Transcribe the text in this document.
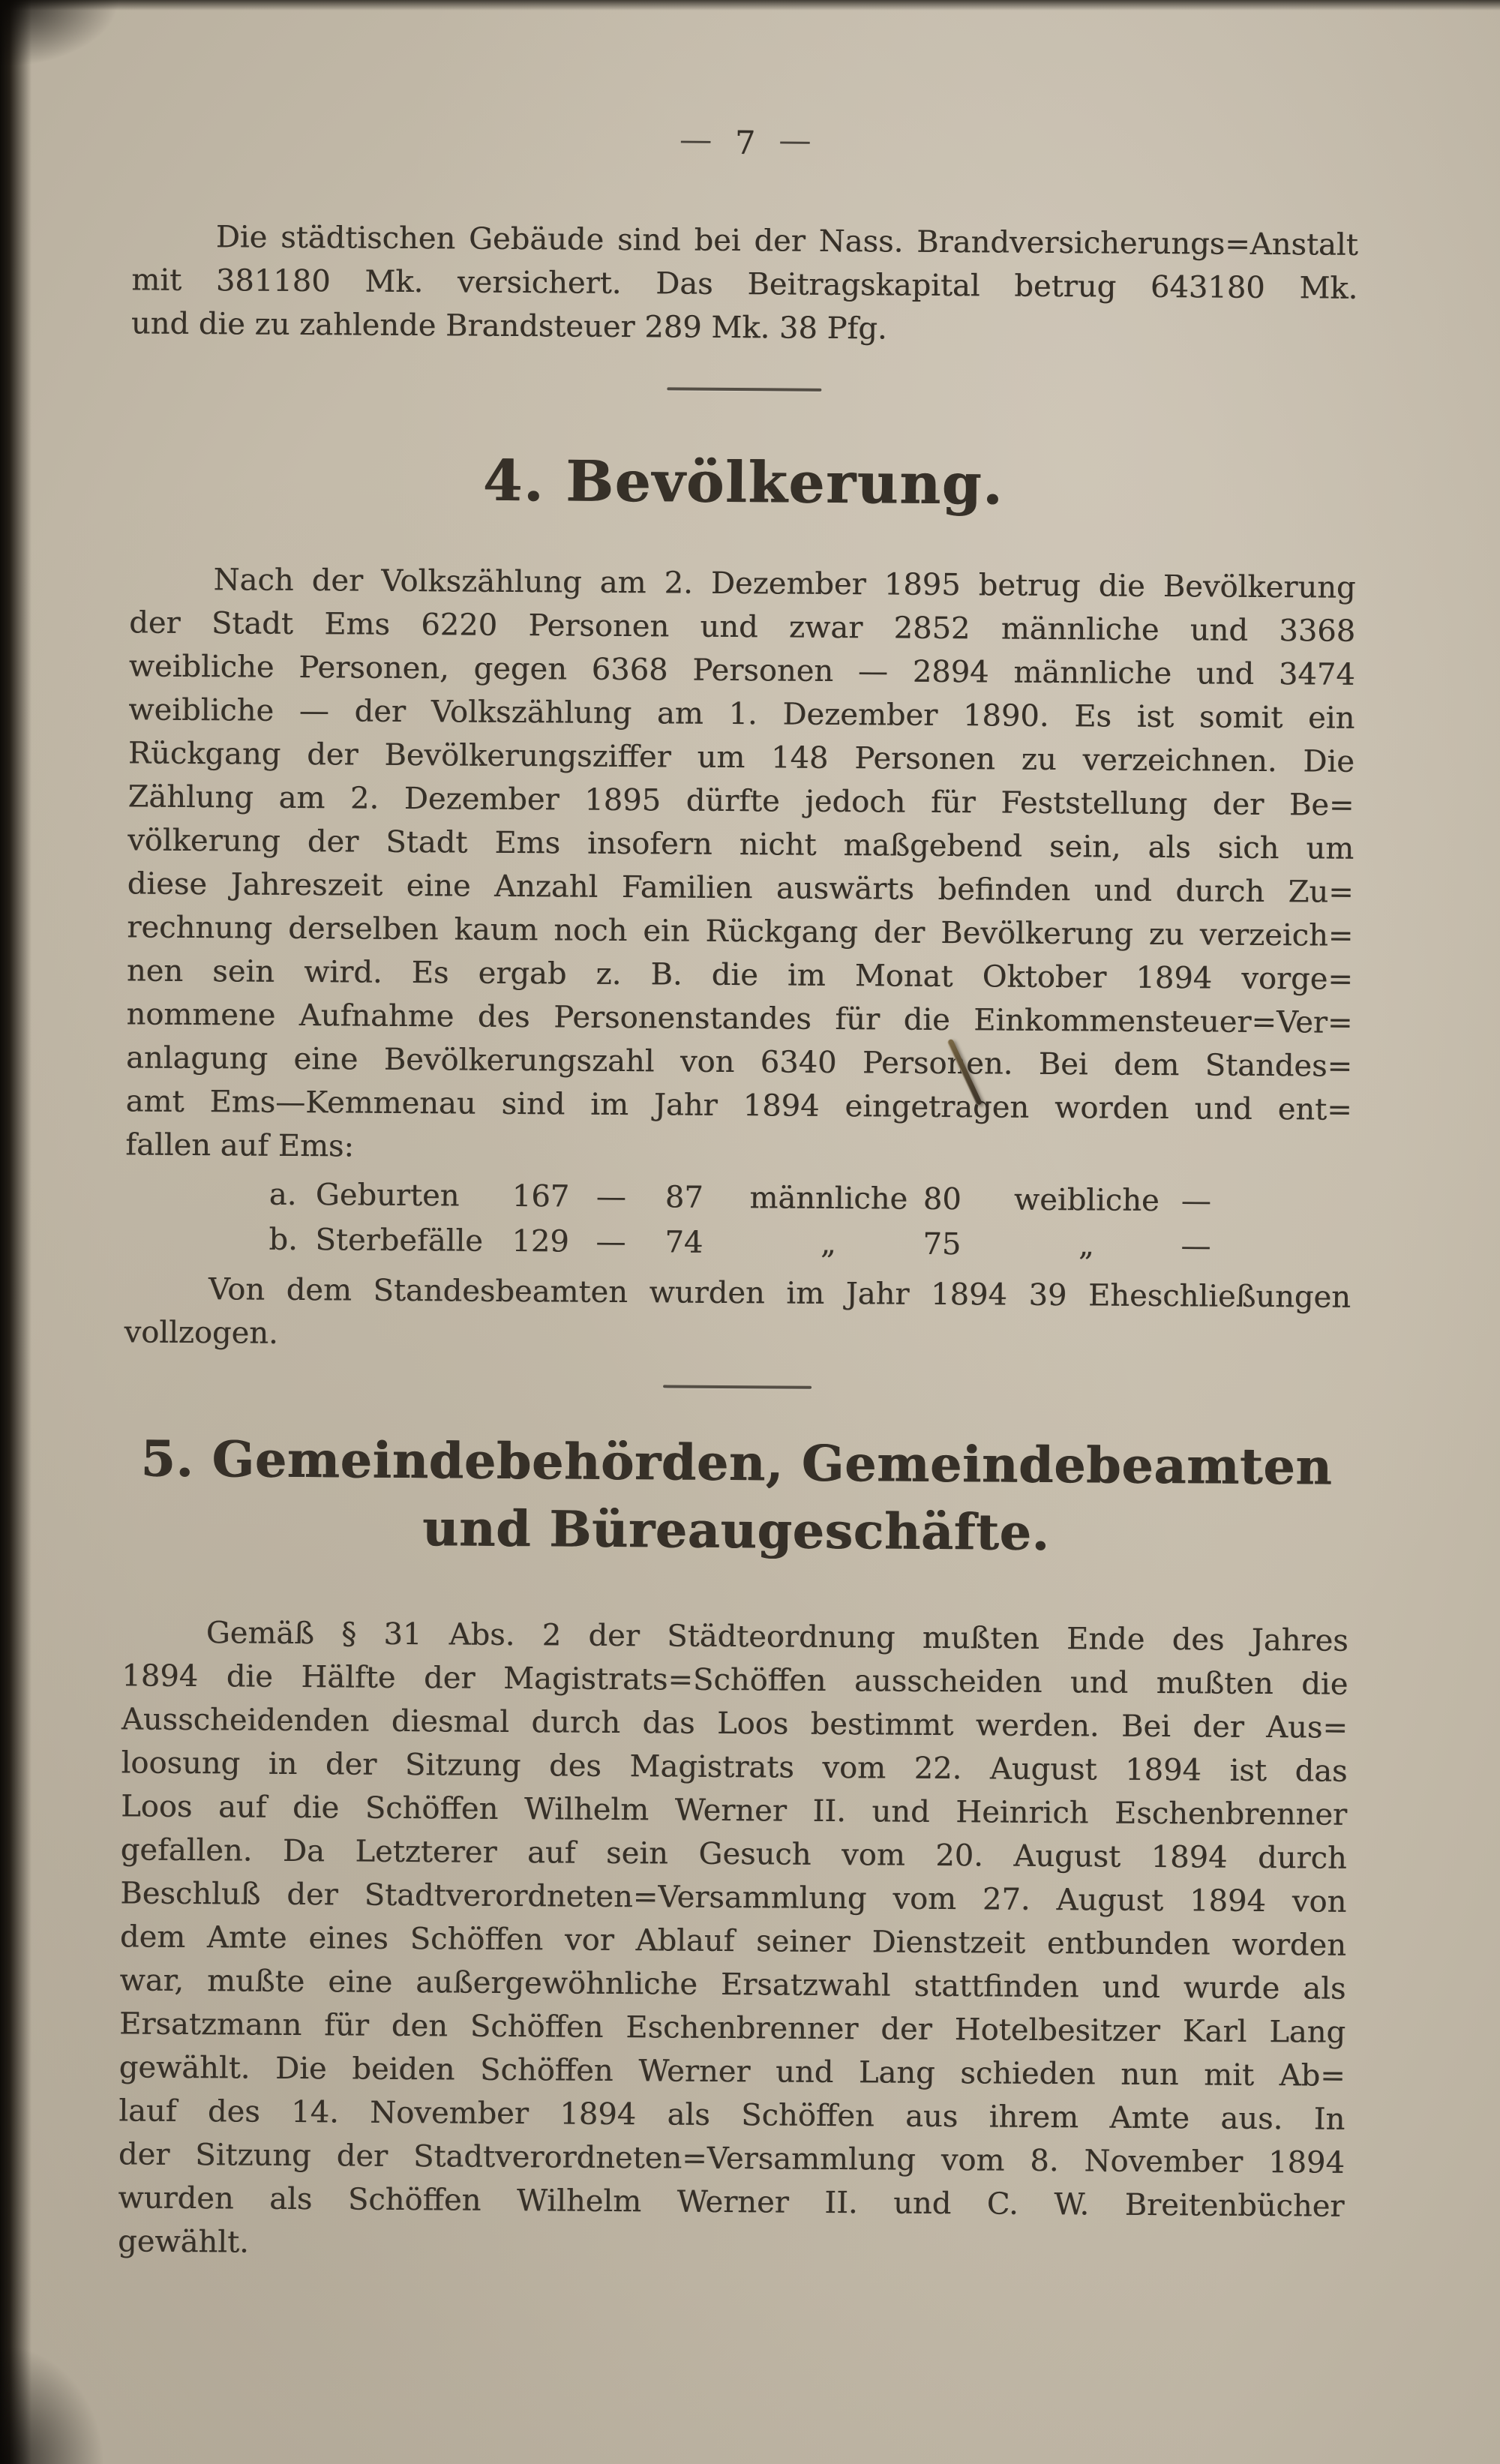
— 7 —
Die städtischen Gebäude sind bei der Nass. Brandversicherungs=Anstalt
mit 381180 Mk. versichert. Das Beitragskapital betrug 643180 Mk.
und die zu zahlende Brandsteuer 289 Mk. 38 Pfg.
4. Bevölkerung.
Nach der Volkszählung am 2. Dezember 1895 betrug die Bevölkerung
der Stadt Ems 6220 Personen und zwar 2852 männliche und 3368
weibliche Personen, gegen 6368 Personen — 2894 männliche und 3474
weibliche — der Volkszählung am 1. Dezember 1890. Es ist somit ein
Rückgang der Bevölkerungsziffer um 148 Personen zu verzeichnen. Die
Zählung am 2. Dezember 1895 dürfte jedoch für Feststellung der Be=
völkerung der Stadt Ems insofern nicht maßgebend sein, als sich um
diese Jahreszeit eine Anzahl Familien auswärts befinden und durch Zu=
rechnung derselben kaum noch ein Rückgang der Bevölkerung zu verzeich=
nen sein wird. Es ergab z. B. die im Monat Oktober 1894 vorge=
nommene Aufnahme des Personenstandes für die Einkommensteuer=Ver=
anlagung eine Bevölkerungszahl von 6340 Personen. Bei dem Standes=
amt Ems—Kemmenau sind im Jahr 1894 eingetragen worden und ent=
fallen auf Ems:
a. Geburten	167 —	87	männliche 80	weibliche —
b. Sterbefälle 129 —	74	„	75	„	—
Von dem Standesbeamten wurden im Jahr 1894 39 Eheschließungen
vollzogen.
5. Gemeindebehörden, Gemeindebeamten
und Büreaugeschäfte.
Gemäß § 31 Abs. 2 der Städteordnung mußten Ende des Jahres
1894 die Hälfte der Magistrats=Schöffen ausscheiden und mußten die
Ausscheidenden diesmal durch das Loos bestimmt werden. Bei der Aus=
loosung in der Sitzung des Magistrats vom 22. August 1894 ist das
Loos auf die Schöffen Wilhelm Werner II. und Heinrich Eschenbrenner
gefallen. Da Letzterer auf sein Gesuch vom 20. August 1894 durch
Beschluß der Stadtverordneten=Versammlung vom 27. August 1894 von
dem Amte eines Schöffen vor Ablauf seiner Dienstzeit entbunden worden
war, mußte eine außergewöhnliche Ersatzwahl stattfinden und wurde als
Ersatzmann für den Schöffen Eschenbrenner der Hotelbesitzer Karl Lang
gewählt. Die beiden Schöffen Werner und Lang schieden nun mit Ab=
lauf des 14. November 1894 als Schöffen aus ihrem Amte aus. In
der Sitzung der Stadtverordneten=Versammlung vom 8. November 1894
wurden als Schöffen Wilhelm Werner II. und C. W. Breitenbücher
gewählt.
